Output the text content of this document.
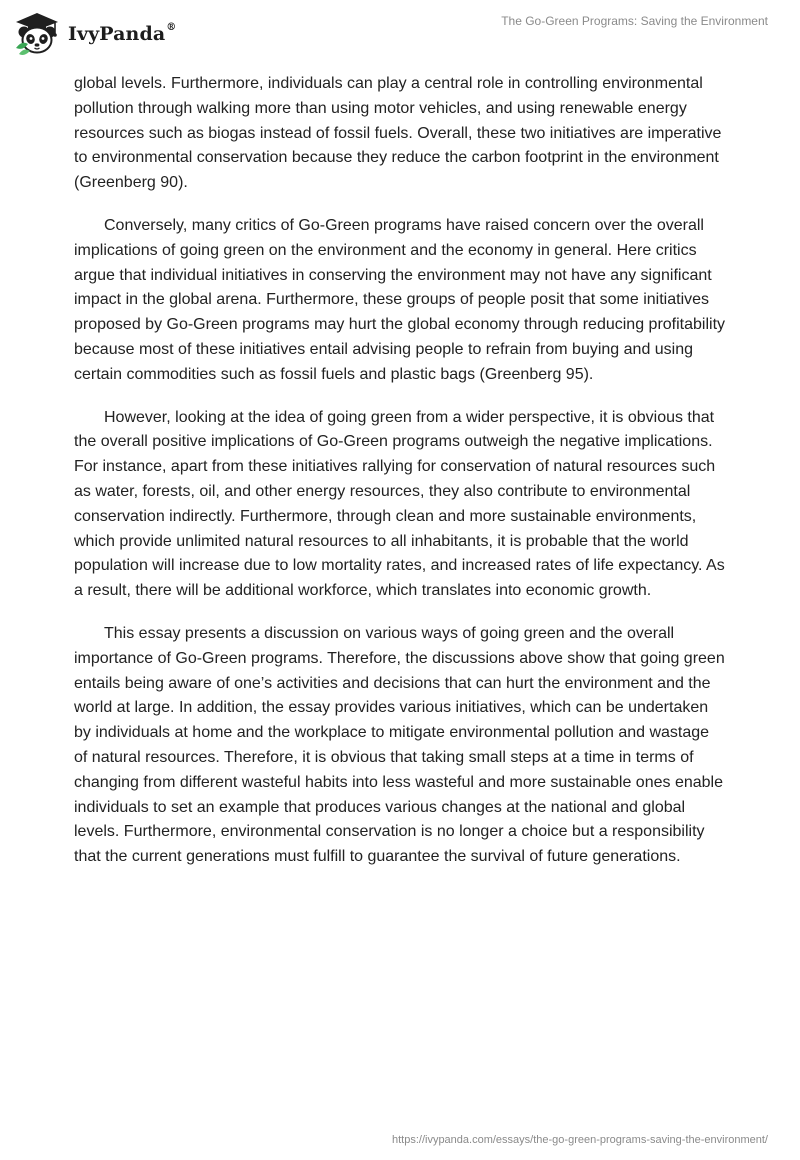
IvyPanda®	The Go-Green Programs: Saving the Environment

global levels. Furthermore, individuals can play a central role in controlling environmental pollution through walking more than using motor vehicles, and using renewable energy resources such as biogas instead of fossil fuels. Overall, these two initiatives are imperative to environmental conservation because they reduce the carbon footprint in the environment (Greenberg 90).

Conversely, many critics of Go-Green programs have raised concern over the overall implications of going green on the environment and the economy in general. Here critics argue that individual initiatives in conserving the environment may not have any significant impact in the global arena. Furthermore, these groups of people posit that some initiatives proposed by Go-Green programs may hurt the global economy through reducing profitability because most of these initiatives entail advising people to refrain from buying and using certain commodities such as fossil fuels and plastic bags (Greenberg 95).

However, looking at the idea of going green from a wider perspective, it is obvious that the overall positive implications of Go-Green programs outweigh the negative implications. For instance, apart from these initiatives rallying for conservation of natural resources such as water, forests, oil, and other energy resources, they also contribute to environmental conservation indirectly. Furthermore, through clean and more sustainable environments, which provide unlimited natural resources to all inhabitants, it is probable that the world population will increase due to low mortality rates, and increased rates of life expectancy. As a result, there will be additional workforce, which translates into economic growth.

This essay presents a discussion on various ways of going green and the overall importance of Go-Green programs. Therefore, the discussions above show that going green entails being aware of one’s activities and decisions that can hurt the environment and the world at large. In addition, the essay provides various initiatives, which can be undertaken by individuals at home and the workplace to mitigate environmental pollution and wastage of natural resources. Therefore, it is obvious that taking small steps at a time in terms of changing from different wasteful habits into less wasteful and more sustainable ones enable individuals to set an example that produces various changes at the national and global levels. Furthermore, environmental conservation is no longer a choice but a responsibility that the current generations must fulfill to guarantee the survival of future generations.

https://ivypanda.com/essays/the-go-green-programs-saving-the-environment/
